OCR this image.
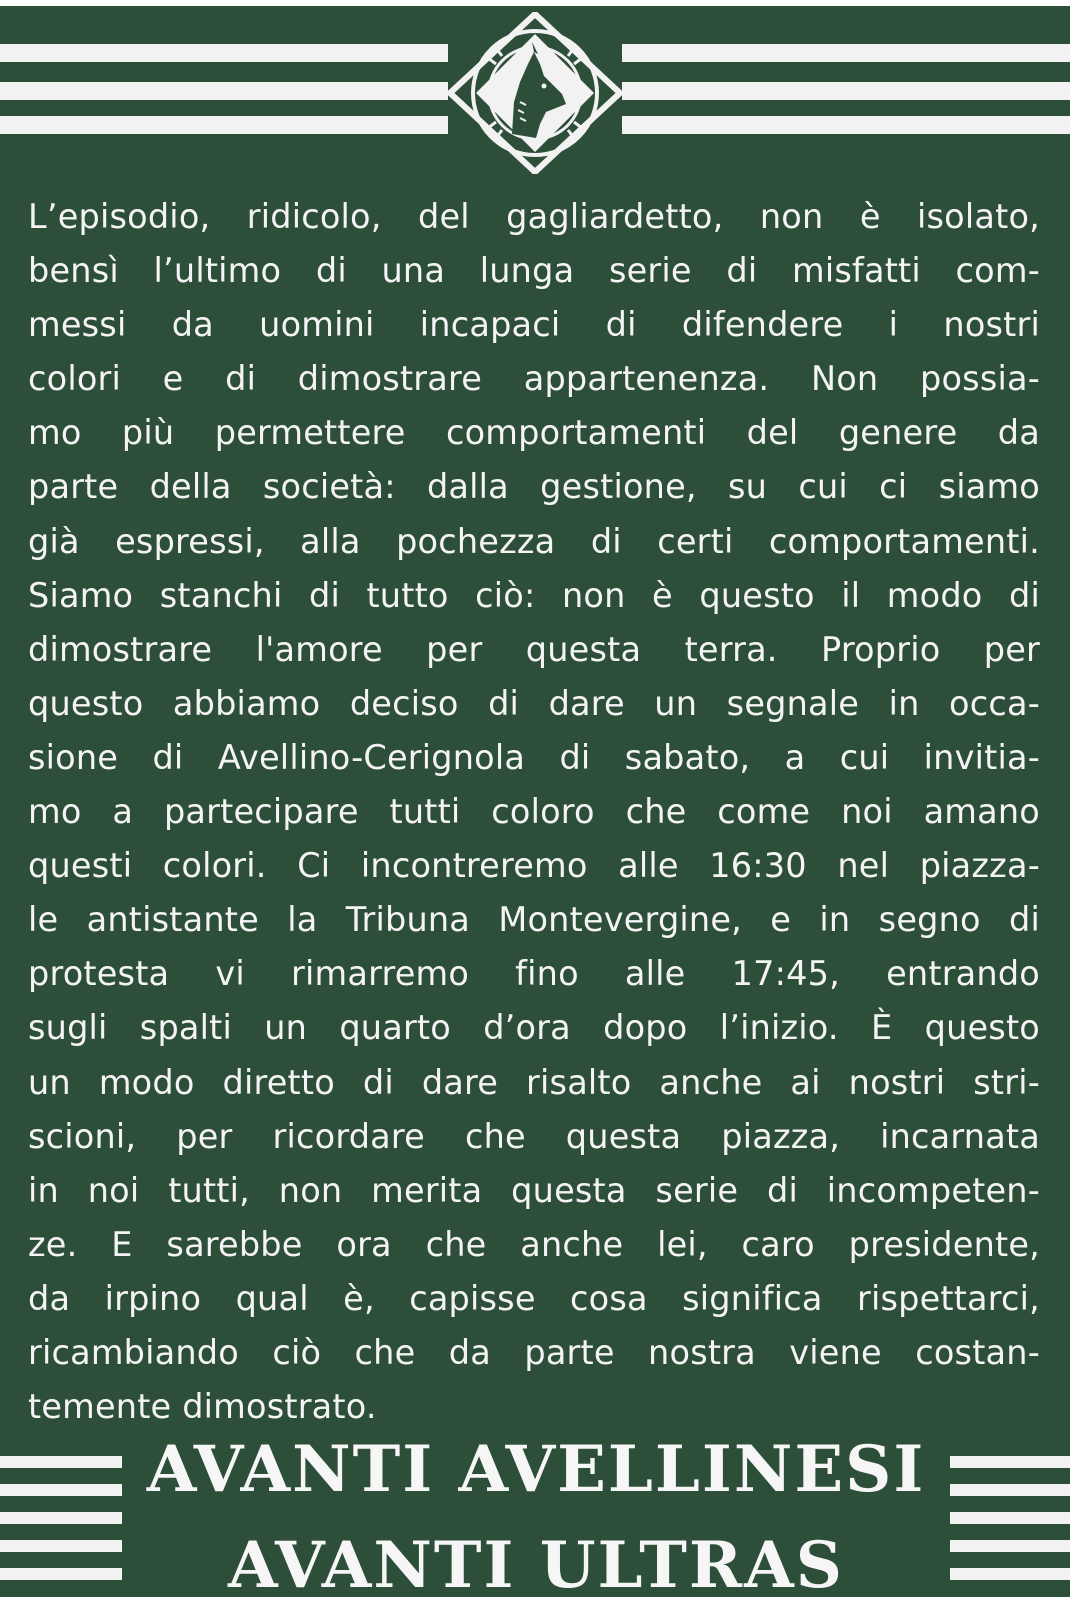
L’episodio, ridicolo, del gagliardetto, non è isolato,
bensì l’ultimo di una lunga serie di misfatti com-
messi da uomini incapaci di difendere i nostri
colori e di dimostrare appartenenza. Non possia-
mo più permettere comportamenti del genere da
parte della società: dalla gestione, su cui ci siamo
già espressi, alla pochezza di certi comportamenti.
Siamo stanchi di tutto ciò: non è questo il modo di
dimostrare l'amore per questa terra. Proprio per
questo abbiamo deciso di dare un segnale in occa-
sione di Avellino-Cerignola di sabato, a cui invitia-
mo a partecipare tutti coloro che come noi amano
questi colori. Ci incontreremo alle 16:30 nel piazza-
le antistante la Tribuna Montevergine, e in segno di
protesta vi rimarremo fino alle 17:45, entrando
sugli spalti un quarto d’ora dopo l’inizio. È questo
un modo diretto di dare risalto anche ai nostri stri-
scioni, per ricordare che questa piazza, incarnata
in noi tutti, non merita questa serie di incompeten-
ze. E sarebbe ora che anche lei, caro presidente,
da irpino qual è, capisse cosa significa rispettarci,
ricambiando ciò che da parte nostra viene costan-
temente dimostrato.
AVANTI AVELLINESI
AVANTI ULTRAS
